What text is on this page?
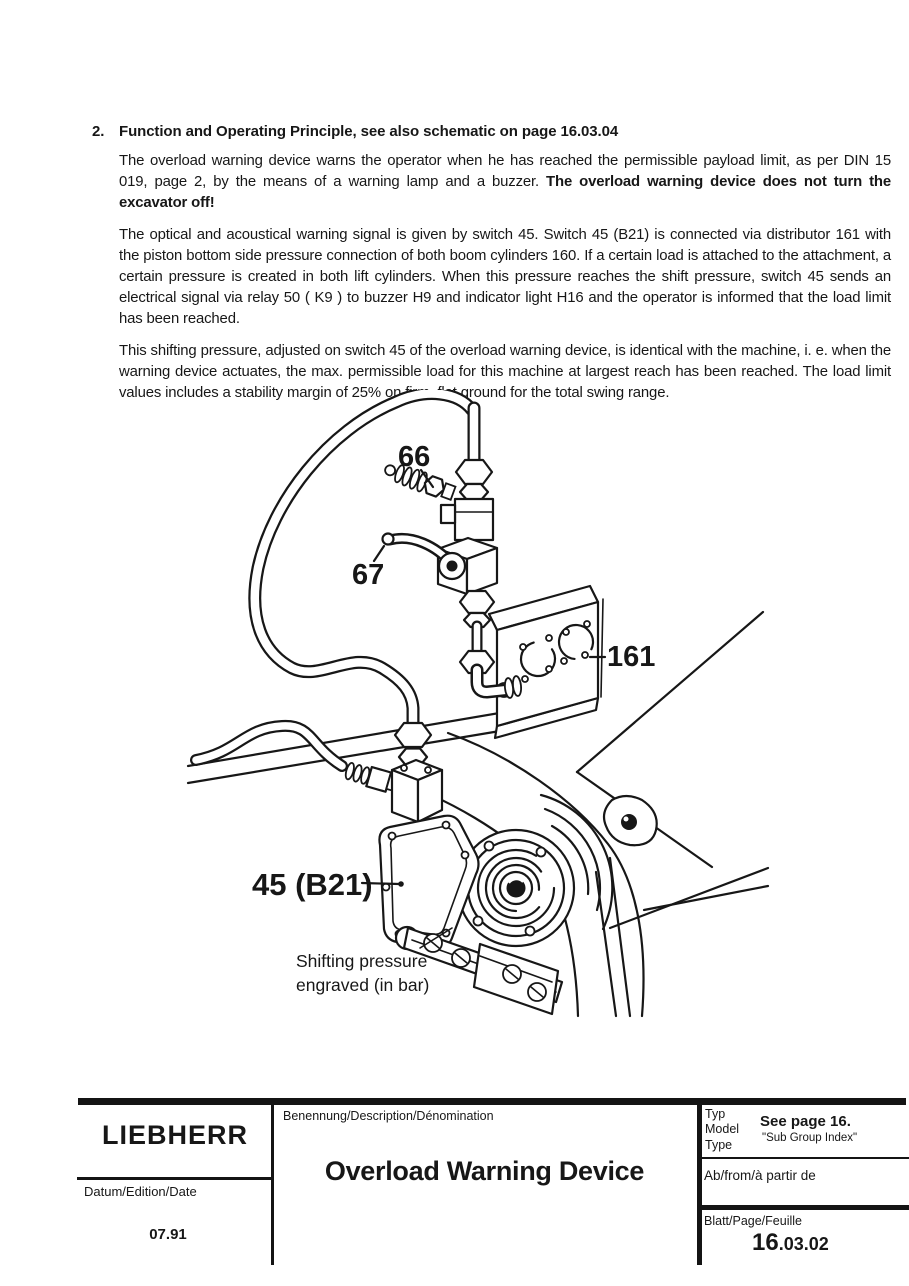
2. Function and Operating Principle, see also schematic on page 16.03.04

The overload warning device warns the operator when he has reached the permissible payload limit, as per DIN 15 019, page 2, by the means of a warning lamp and a buzzer. The overload warning device does not turn the excavator off!

The optical and acoustical warning signal is given by switch 45. Switch 45 (B21) is connected via distributor 161 with the piston bottom side pressure connection of both boom cylinders 160. If a certain load is attached to the attachment, a certain pressure is created in both lift cylinders. When this pressure reaches the shift pressure, switch 45 sends an electrical signal via relay 50 ( K9 ) to buzzer H9 and indicator light H16 and the operator is informed that the load limit has been reached.

This shifting pressure, adjusted on switch 45 of the overload warning device, is identical with the machine, i. e. when the warning device actuates, the max. permissible load for this machine at largest reach has been reached. The load limit values includes a stability margin of 25% on firm, flat ground for the total swing range.

66
67
161
45 (B21)
Shifting pressure
engraved (in bar)
LIEBHERR
Datum/Edition/Date
07.91
Benennung/Description/Dénomination
Overload Warning Device
Typ
Model
Type
See page 16.
"Sub Group Index"
Ab/from/à partir de
Blatt/Page/Feuille
16.03.02
